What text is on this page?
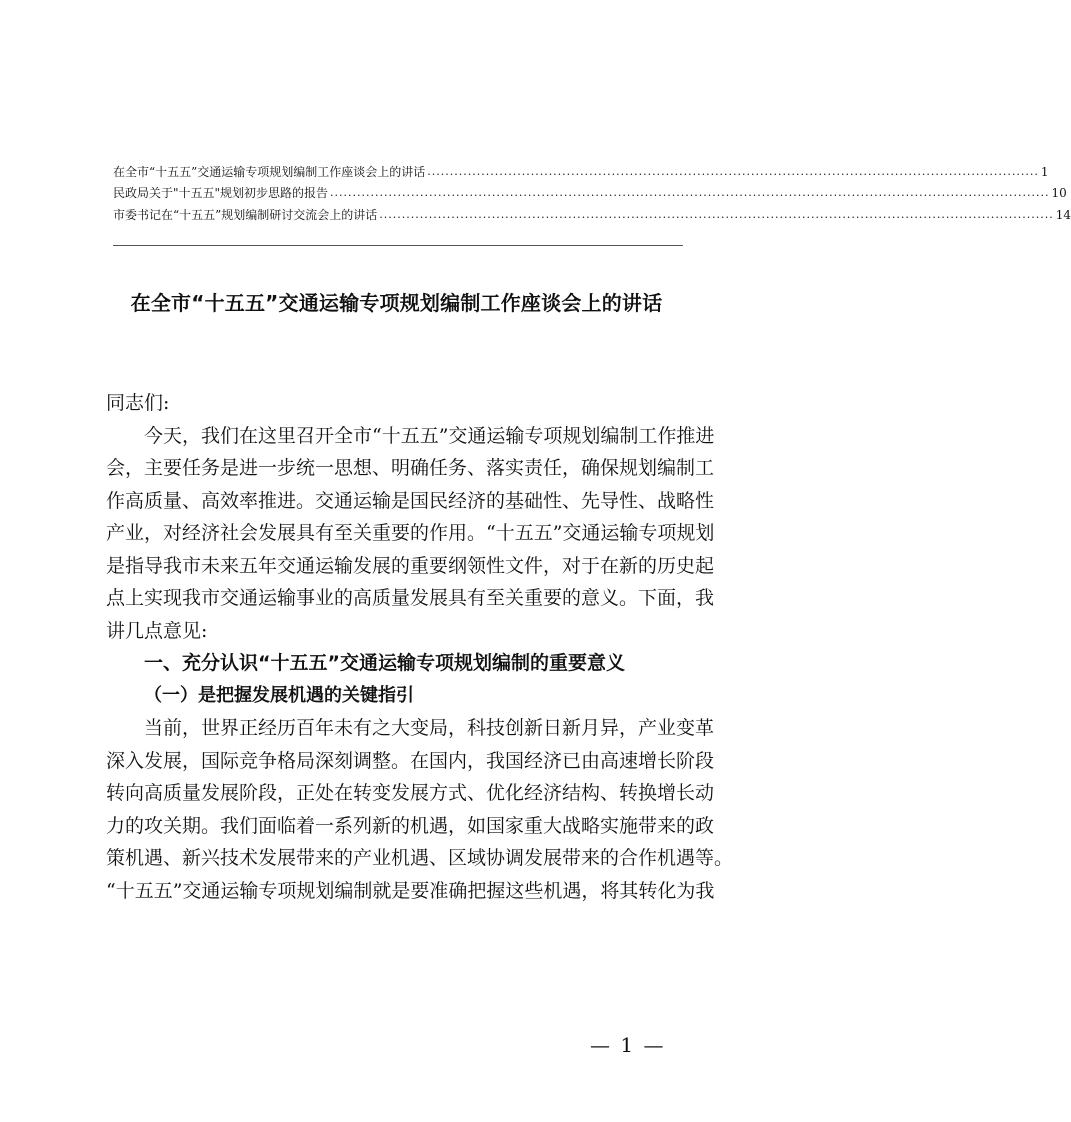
在全市“十五五”交通运输专项规划编制工作座谈会上的讲话 ........................................................................................................................................ 1
民政局关于"十五五"规划初步思路的报告 ................................................................................................................................................................ 10
市委书记在“十五五”规划编制研讨交流会上的讲话 ...................................................................................................................................................... 14
在全市“十五五”交通运输专项规划编制工作座谈会上的讲话
同志们:
今天，我们在这里召开全市“十五五”交通运输专项规划编制工作推进
会，主要任务是进一步统一思想、明确任务、落实责任，确保规划编制工
作高质量、高效率推进。交通运输是国民经济的基础性、先导性、战略性
产业，对经济社会发展具有至关重要的作用。“十五五”交通运输专项规划
是指导我市未来五年交通运输发展的重要纲领性文件，对于在新的历史起
点上实现我市交通运输事业的高质量发展具有至关重要的意义。下面，我
讲几点意见:
一、充分认识“十五五”交通运输专项规划编制的重要意义
（一）是把握发展机遇的关键指引
当前，世界正经历百年未有之大变局，科技创新日新月异，产业变革
深入发展，国际竞争格局深刻调整。在国内，我国经济已由高速增长阶段
转向高质量发展阶段，正处在转变发展方式、优化经济结构、转换增长动
力的攻关期。我们面临着一系列新的机遇，如国家重大战略实施带来的政
策机遇、新兴技术发展带来的产业机遇、区域协调发展带来的合作机遇等。
“十五五”交通运输专项规划编制就是要准确把握这些机遇，将其转化为我
— 1 —
